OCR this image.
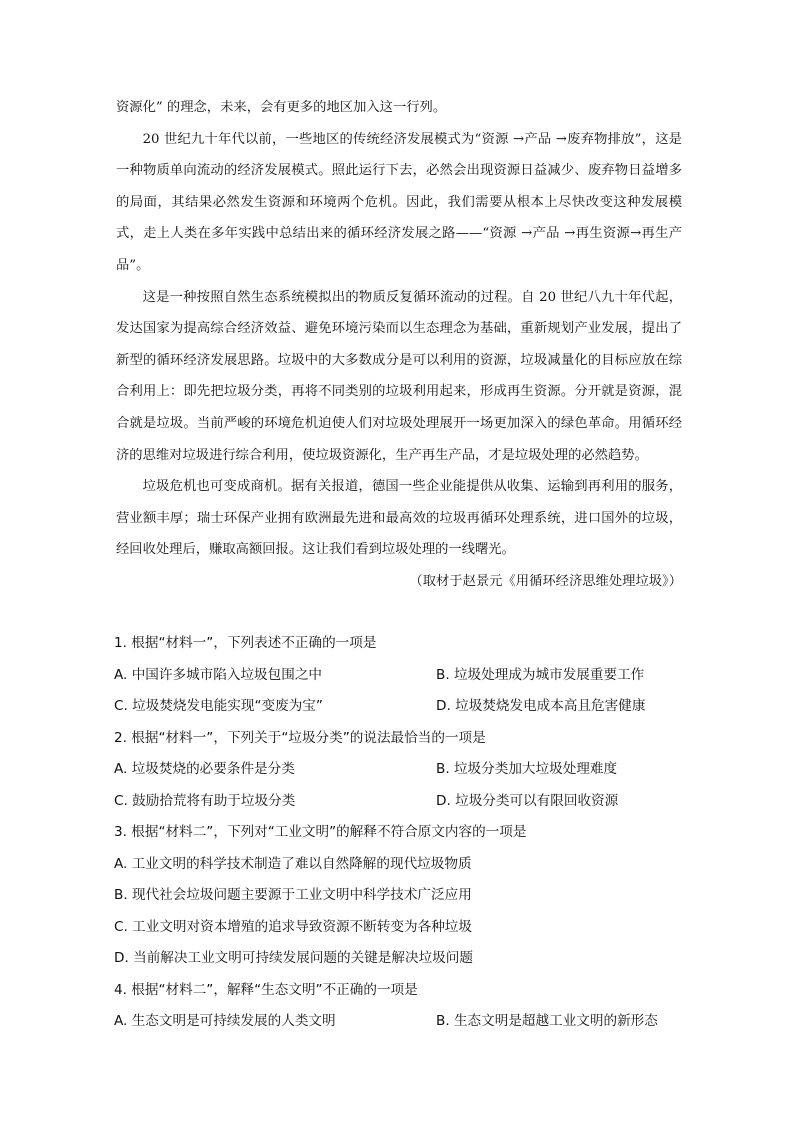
资源化” 的理念，未来，会有更多的地区加入这一行列。

20 世纪九十年代以前，一些地区的传统经济发展模式为“资源 →产品 →废弃物排放”，这是一种物质单向流动的经济发展模式。照此运行下去，必然会出现资源日益减少、废弃物日益增多的局面，其结果必然发生资源和环境两个危机。因此，我们需要从根本上尽快改变这种发展模式，走上人类在多年实践中总结出来的循环经济发展之路——“资源 →产品 →再生资源→再生产品”。

这是一种按照自然生态系统模拟出的物质反复循环流动的过程。自 20 世纪八九十年代起，发达国家为提高综合经济效益、避免环境污染而以生态理念为基础，重新规划产业发展，提出了新型的循环经济发展思路。垃圾中的大多数成分是可以利用的资源，垃圾减量化的目标应放在综合利用上：即先把垃圾分类，再将不同类别的垃圾利用起来，形成再生资源。分开就是资源，混合就是垃圾。当前严峻的环境危机迫使人们对垃圾处理展开一场更加深入的绿色革命。用循环经济的思维对垃圾进行综合利用，使垃圾资源化，生产再生产品，才是垃圾处理的必然趋势。

垃圾危机也可变成商机。据有关报道，德国一些企业能提供从收集、运输到再利用的服务，营业额丰厚；瑞士环保产业拥有欧洲最先进和最高效的垃圾再循环处理系统，进口国外的垃圾，经回收处理后，赚取高额回报。这让我们看到垃圾处理的一线曙光。

（取材于赵景元《用循环经济思维处理垃圾》）
1. 根据“材料一”，下列表述不正确的一项是
A. 中国许多城市陷入垃圾包围之中	B. 垃圾处理成为城市发展重要工作
C. 垃圾焚烧发电能实现“变废为宝”	D. 垃圾焚烧发电成本高且危害健康
2. 根据“材料一”，下列关于“垃圾分类”的说法最恰当的一项是
A. 垃圾焚烧的必要条件是分类	B. 垃圾分类加大垃圾处理难度
C. 鼓励拾荒将有助于垃圾分类	D. 垃圾分类可以有限回收资源
3. 根据“材料二”，下列对“工业文明”的解释不符合原文内容的一项是
A. 工业文明的科学技术制造了难以自然降解的现代垃圾物质
B. 现代社会垃圾问题主要源于工业文明中科学技术广泛应用
C. 工业文明对资本增殖的追求导致资源不断转变为各种垃圾
D. 当前解决工业文明可持续发展问题的关键是解决垃圾问题
4. 根据“材料二”，解释“生态文明”不正确的一项是
A. 生态文明是可持续发展的人类文明	B. 生态文明是超越工业文明的新形态
